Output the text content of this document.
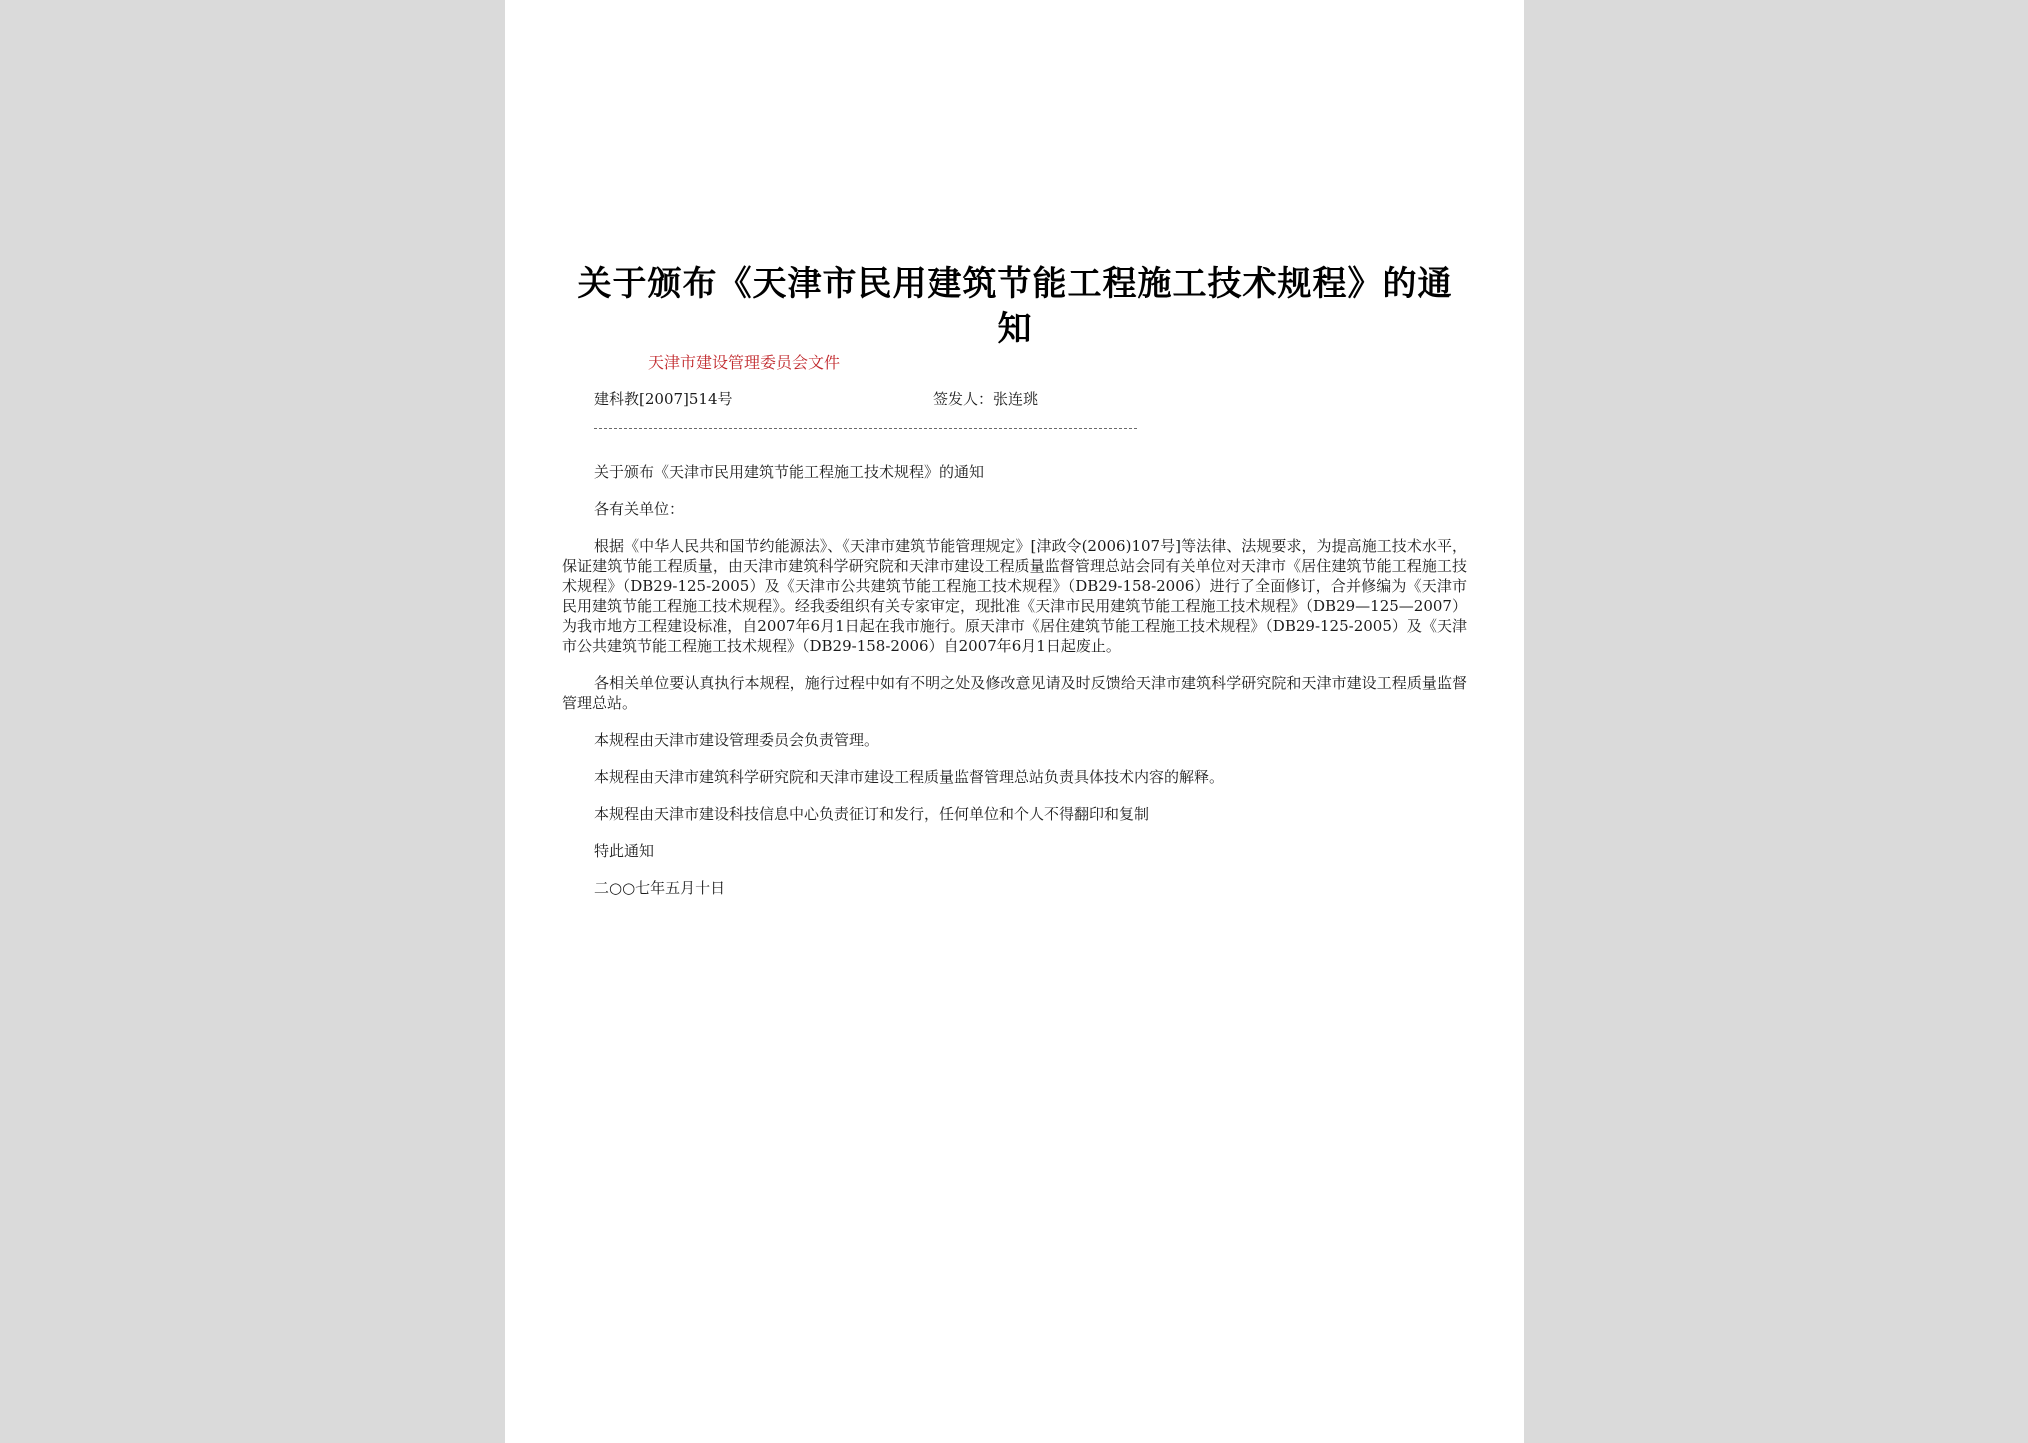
关于颁布《天津市民用建筑节能工程施工技术规程》的通知
天津市建设管理委员会文件
建科教[2007]514号	签发人：张连珧

关于颁布《天津市民用建筑节能工程施工技术规程》的通知

各有关单位：

根据《中华人民共和国节约能源法》、《天津市建筑节能管理规定》[津政令(2006)107号]等法律、法规要求，为提高施工技术水平，保证建筑节能工程质量，由天津市建筑科学研究院和天津市建设工程质量监督管理总站会同有关单位对天津市《居住建筑节能工程施工技术规程》（DB29-125-2005）及《天津市公共建筑节能工程施工技术规程》（DB29-158-2006）进行了全面修订，合并修编为《天津市民用建筑节能工程施工技术规程》。经我委组织有关专家审定，现批准《天津市民用建筑节能工程施工技术规程》（DB29—125—2007）为我市地方工程建设标准，自2007年6月1日起在我市施行。原天津市《居住建筑节能工程施工技术规程》（DB29-125-2005）及《天津市公共建筑节能工程施工技术规程》（DB29-158-2006）自2007年6月1日起废止。

各相关单位要认真执行本规程，施行过程中如有不明之处及修改意见请及时反馈给天津市建筑科学研究院和天津市建设工程质量监督管理总站。

本规程由天津市建设管理委员会负责管理。

本规程由天津市建筑科学研究院和天津市建设工程质量监督管理总站负责具体技术内容的解释。

本规程由天津市建设科技信息中心负责征订和发行，任何单位和个人不得翻印和复制

特此通知

二○○七年五月十日
